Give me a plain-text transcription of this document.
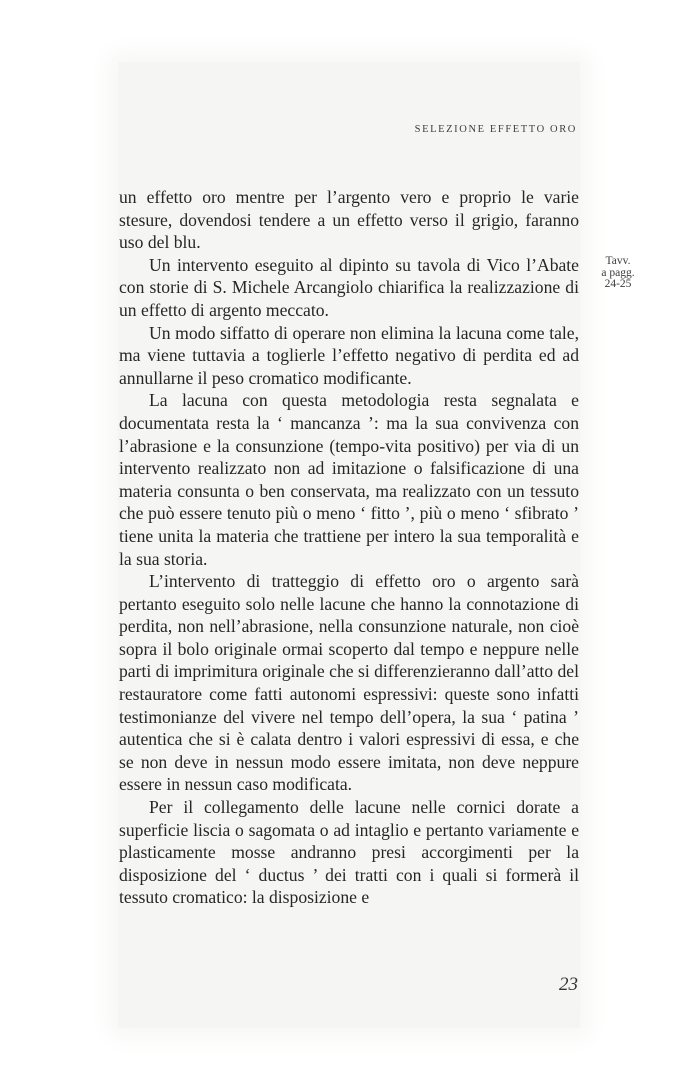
SELEZIONE EFFETTO ORO

un effetto oro mentre per l’argento vero e proprio le varie stesure, dovendosi tendere a un effetto verso il grigio, faranno uso del blu.

Un intervento eseguito al dipinto su tavola di Vico l’Abate con storie di S. Michele Arcangiolo chiarifica la realizzazione di un effetto di argento meccato.

Un modo siffatto di operare non elimina la lacuna come tale, ma viene tuttavia a toglierle l’effetto negativo di perdita ed ad annullarne il peso cromatico modificante.

La lacuna con questa metodologia resta segnalata e documentata resta la ‘ mancanza ’: ma la sua convivenza con l’abrasione e la consunzione (tempo-vita positivo) per via di un intervento realizzato non ad imitazione o falsificazione di una materia consunta o ben conservata, ma realizzato con un tessuto che può essere tenuto più o meno ‘ fitto ’, più o meno ‘ sfibrato ’ tiene unita la materia che trattiene per intero la sua temporalità e la sua storia.

L’intervento di tratteggio di effetto oro o argento sarà pertanto eseguito solo nelle lacune che hanno la connotazione di perdita, non nell’abrasione, nella consunzione naturale, non cioè sopra il bolo originale ormai scoperto dal tempo e neppure nelle parti di imprimitura originale che si differenzieranno dall’atto del restauratore come fatti autonomi espressivi: queste sono infatti testimonianze del vivere nel tempo dell’opera, la sua ‘ patina ’ autentica che si è calata dentro i valori espressivi di essa, e che se non deve in nessun modo essere imitata, non deve neppure essere in nessun caso modificata.

Per il collegamento delle lacune nelle cornici dorate a superficie liscia o sagomata o ad intaglio e pertanto variamente e plasticamente mosse andranno presi accorgimenti per la disposizione del ‘ ductus ’ dei tratti con i quali si formerà il tessuto cromatico: la disposizione e

Tavv.
a pagg.
24-25
23
